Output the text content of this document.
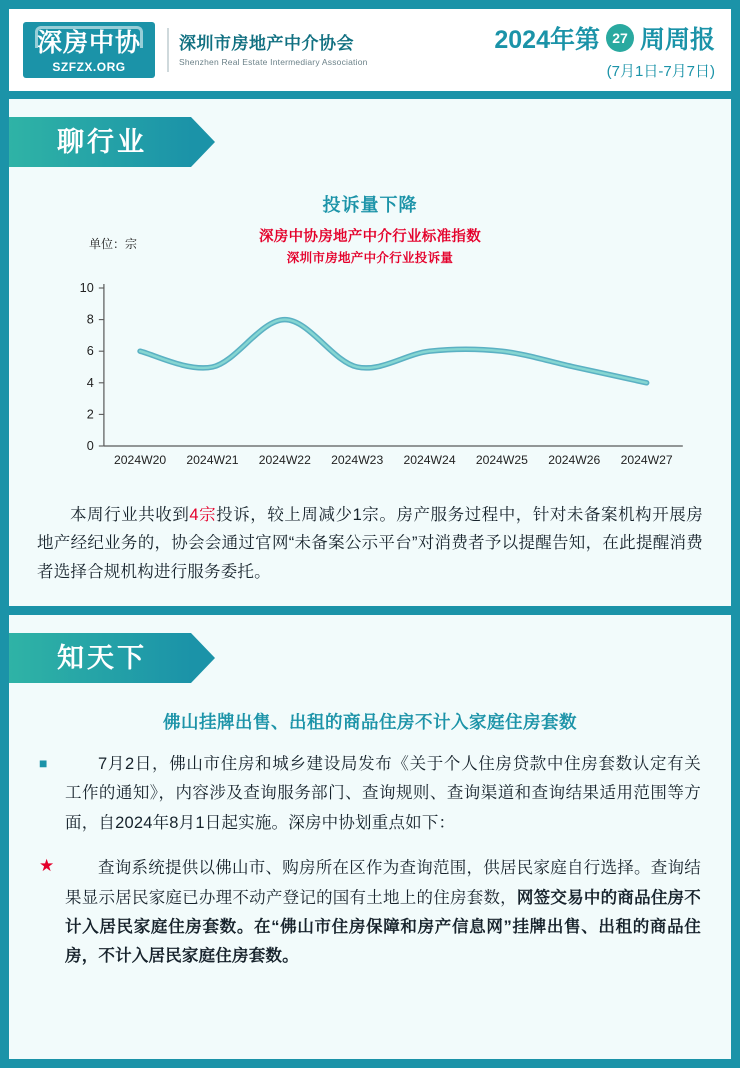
深房中协
SZFZX.ORG
深圳市房地产中介协会
Shenzhen Real Estate Intermediary Association
2024年第 27 周周报
(7月1日-7月7日)
聊行业
投诉量下降
深房中协房地产中介行业标准指数
深圳市房地产中介行业投诉量
单位：宗
0
2
4
6
8
10
2024W20 2024W21 2024W22 2024W23 2024W24 2024W25 2024W26 2024W27
本周行业共收到4宗投诉，较上周减少1宗。房产服务过程中，针对未备案机构开展房地产经纪业务的，协会会通过官网“未备案公示平台”对消费者予以提醒告知，在此提醒消费者选择合规机构进行服务委托。
知天下
佛山挂牌出售、出租的商品住房不计入家庭住房套数
■	7月2日，佛山市住房和城乡建设局发布《关于个人住房贷款中住房套数认定有关工作的通知》，内容涉及查询服务部门、查询规则、查询渠道和查询结果适用范围等方面，自2024年8月1日起实施。深房中协划重点如下：
★	查询系统提供以佛山市、购房所在区作为查询范围，供居民家庭自行选择。查询结果显示居民家庭已办理不动产登记的国有土地上的住房套数，网签交易中的商品住房不计入居民家庭住房套数。在“佛山市住房保障和房产信息网”挂牌出售、出租的商品住房，不计入居民家庭住房套数。
